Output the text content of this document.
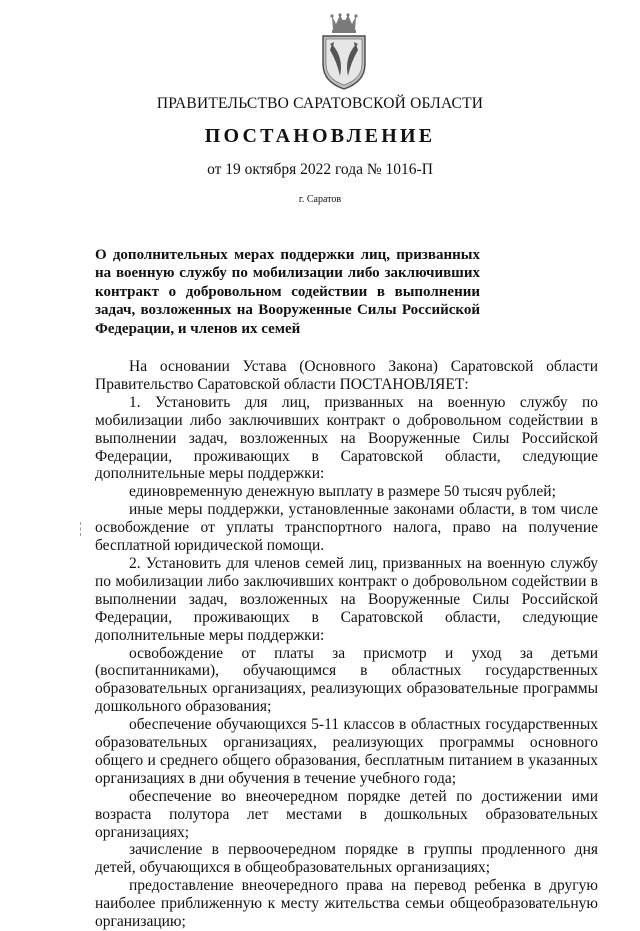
ПРАВИТЕЛЬСТВО САРАТОВСКОЙ ОБЛАСТИ
ПОСТАНОВЛЕНИЕ
от 19 октября 2022 года № 1016-П
г. Саратов
О дополнительных мерах поддержки лиц, призванных на военную службу по мобилизации либо заключивших контракт о добровольном содействии в выполнении задач, возложенных на Вооруженные Силы Российской Федерации, и членов их семей

На основании Устава (Основного Закона) Саратовской области Правительство Саратовской области ПОСТАНОВЛЯЕТ:

1. Установить для лиц, призванных на военную службу по мобилизации либо заключивших контракт о добровольном содействии в выполнении задач, возложенных на Вооруженные Силы Российской Федерации, проживающих в Саратовской области, следующие дополнительные меры поддержки:

единовременную денежную выплату в размере 50 тысяч рублей;

иные меры поддержки, установленные законами области, в том числе освобождение от уплаты транспортного налога, право на получение бесплатной юридической помощи.

2. Установить для членов семей лиц, призванных на военную службу по мобилизации либо заключивших контракт о добровольном содействии в выполнении задач, возложенных на Вооруженные Силы Российской Федерации, проживающих в Саратовской области, следующие дополнительные меры поддержки:

освобождение от платы за присмотр и уход за детьми (воспитанниками), обучающимся в областных государственных образовательных организациях, реализующих образовательные программы дошкольного образования;

обеспечение обучающихся 5-11 классов в областных государственных образовательных организациях, реализующих программы основного общего и среднего общего образования, бесплатным питанием в указанных организациях в дни обучения в течение учебного года;

обеспечение во внеочередном порядке детей по достижении ими возраста полутора лет местами в дошкольных образовательных организациях;

зачисление в первоочередном порядке в группы продленного дня детей, обучающихся в общеобразовательных организациях;

предоставление внеочередного права на перевод ребенка в другую наиболее приближенную к месту жительства семьи общеобразовательную организацию;
